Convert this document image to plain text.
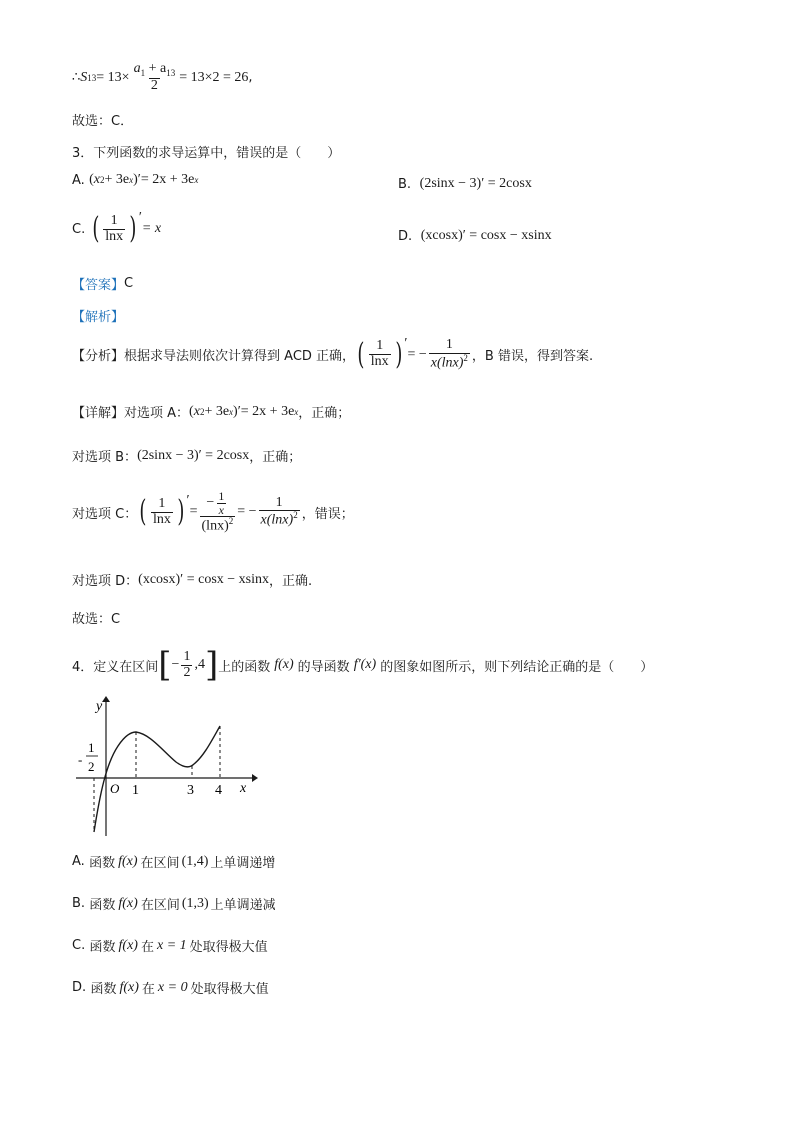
∴ S $13 = 13\times \frac{a_1 + a_{13}}{2} = 13\times 2 = 26$ ,
故选：C．
3．下列函数的求导运算中，错误的是（　　）
A.
( x 2 + 3e x )′ = 2x + 3e x	B.
(2sinx − 3)′ = 2cosx
C.
( $\frac{1}{\ln x}$ ) ′
= x	D.
(xcosx)′ = cosx − xsinx
【答案】 C
【解析】
【分析】 根据求导法则依次计算得到 ACD 正确， ( $\frac{1}{\ln x}$ ) ′
= − $\frac{1}{x(\ln x)^2}$ ，B 错误，得到答案.
【详解】 对选项 A： ( x 2 + 3e x )′ = 2x + 3e x ，正确；
对选项 B： (2sinx − 3)′ = 2cosx ，正确；
对选项 C： ( $\frac{1}{\ln x}$ ) ′
= $\frac{- \frac{1}{x}}{(\ln x)^2}$ = − $\frac{1}{x(\ln x)^2}$ ，错误；
对选项 D： (xcosx)′ = cosx − xsinx ，正确.
故选：C
4．定义在区间 [ − $\frac{1}{2} ,4$ ] 上的函数 f(x) 的导函数 f′(x) 的图象如图所示，则下列结论正确的是（　　）
y
x
O
-
1
2
1	3 4
A.
函数 f(x) 在区间 (1,4) 上单调递增
B.
函数 f(x) 在区间 (1,3) 上单调递减
C.
函数 f(x) 在 x = 1 处取得极大值
D.
函数 f(x) 在 x = 0 处取得极大值
